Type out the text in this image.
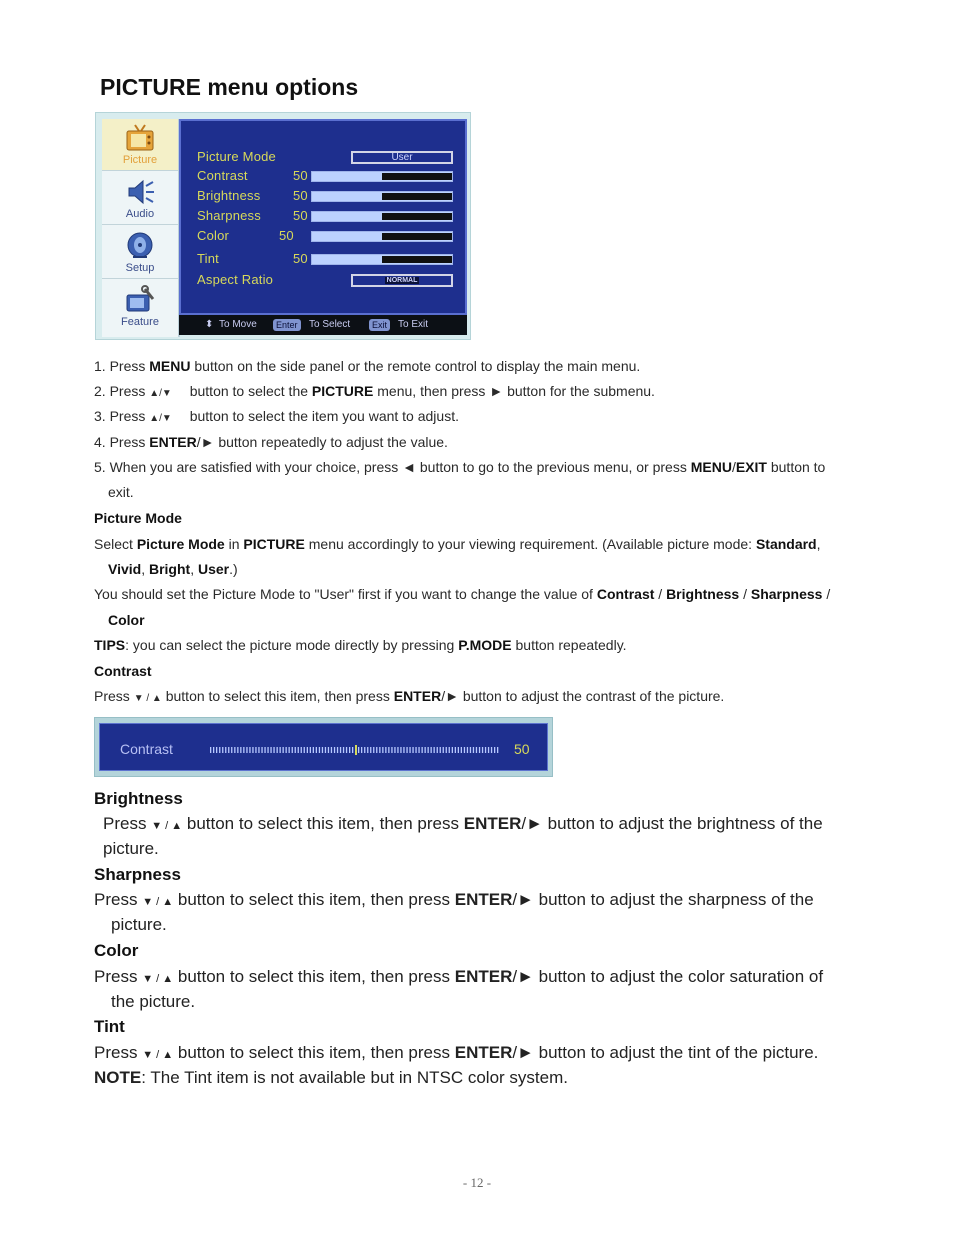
PICTURE menu options
Picture
Audio
Setup
Feature
Picture Mode	User
Contrast	50
Brightness	50
Sharpness 50
Color	50
Tint	50
Aspect Ratio	NORMAL
⬍ To Move	Enter	To Select	Exit	To Exit
1. Press MENU button on the side panel or the remote control to display the main menu.
2. Press ▲/▼ button to select the PICTURE menu, then press ► button for the submenu.
3. Press ▲/▼ button to select the item you want to adjust.
4. Press ENTER/► button repeatedly to adjust the value.
5. When you are satisfied with your choice, press ◄ button to go to the previous menu, or press MENU/EXIT button to
exit.
Picture Mode
Select Picture Mode in PICTURE menu accordingly to your viewing requirement. (Available picture mode: Standard,
Vivid, Bright, User.)
You should set the Picture Mode to "User" first if you want to change the value of Contrast / Brightness / Sharpness /
Color
TIPS: you can select the picture mode directly by pressing P.MODE button repeatedly.
Contrast
Press ▼ / ▲ button to select this item, then press ENTER/► button to adjust the contrast of the picture.
Contrast	50
Brightness
Press ▼ / ▲ button to select this item, then press ENTER/► button to adjust the brightness of the
picture.
Sharpness
Press ▼ / ▲ button to select this item, then press ENTER/► button to adjust the sharpness of the
picture.
Color
Press ▼ / ▲ button to select this item, then press ENTER/► button to adjust the color saturation of
the picture.
Tint
Press ▼ / ▲ button to select this item, then press ENTER/► button to adjust the tint of the picture.
NOTE: The Tint item is not available but in NTSC color system.
- 12 -
